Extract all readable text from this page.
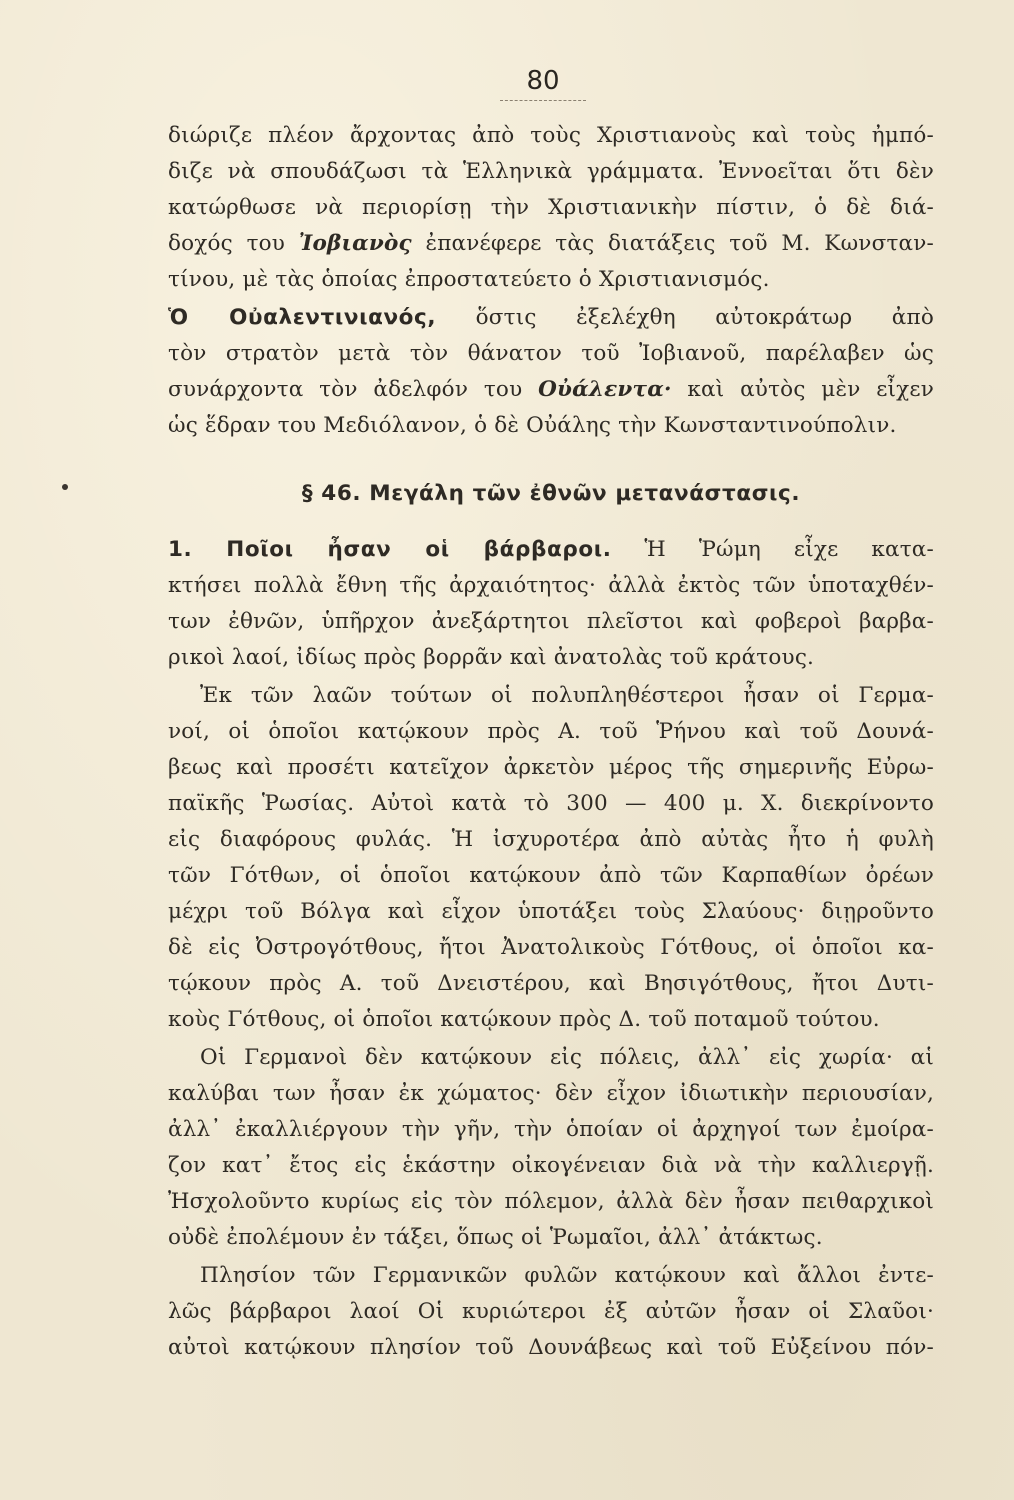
80
διώριζε πλέον ἄρχοντας ἀπὸ τοὺς Χριστιανοὺς καὶ τοὺς ἠμπό-
διζε νὰ σπουδάζωσι τὰ Ἑλληνικὰ γράμματα. Ἐννοεῖται ὅτι δὲν
κατώρθωσε νὰ περιορίσῃ τὴν Χριστιανικὴν πίστιν, ὁ δὲ διά-
δοχός του Ἰοβιανὸς ἐπανέφερε τὰς διατάξεις τοῦ Μ. Κωνσταν-
τίνου, μὲ τὰς ὁποίας ἐπροστατεύετο ὁ Χριστιανισμός.
Ὁ Οὐαλεντινιανός, ὅστις ἐξελέχθη αὐτοκράτωρ ἀπὸ
τὸν στρατὸν μετὰ τὸν θάνατον τοῦ Ἰοβιανοῦ, παρέλαβεν ὡς
συνάρχοντα τὸν ἀδελφόν του Οὐάλεντα· καὶ αὐτὸς μὲν εἶχεν
ὡς ἕδραν του Μεδιόλανον, ὁ δὲ Οὐάλης τὴν Κωνσταντινούπολιν.
§ 46. Μεγάλη τῶν ἐθνῶν μετανάστασις.
1. Ποῖοι ἦσαν οἱ βάρβαροι. Ἡ Ῥώμη εἶχε κατα-
κτήσει πολλὰ ἔθνη τῆς ἀρχαιότητος· ἀλλὰ ἐκτὸς τῶν ὑποταχθέν-
των ἐθνῶν, ὑπῆρχον ἀνεξάρτητοι πλεῖστοι καὶ φοβεροὶ βαρβα-
ρικοὶ λαοί, ἰδίως πρὸς βορρᾶν καὶ ἀνατολὰς τοῦ κράτους.
Ἐκ τῶν λαῶν τούτων οἱ πολυπληθέστεροι ἦσαν οἱ Γερμα-
νοί, οἱ ὁποῖοι κατῴκουν πρὸς Α. τοῦ Ῥήνου καὶ τοῦ Δουνά-
βεως καὶ προσέτι κατεῖχον ἀρκετὸν μέρος τῆς σημερινῆς Εὐρω-
παϊκῆς Ῥωσίας. Αὐτοὶ κατὰ τὸ 300 — 400 μ. Χ. διεκρίνοντο
εἰς διαφόρους φυλάς. Ἡ ἰσχυροτέρα ἀπὸ αὐτὰς ἦτο ἡ φυλὴ
τῶν Γότθων, οἱ ὁποῖοι κατῴκουν ἀπὸ τῶν Καρπαθίων ὀρέων
μέχρι τοῦ Βόλγα καὶ εἶχον ὑποτάξει τοὺς Σλαύους· διῃροῦντο
δὲ εἰς Ὀστρογότθους, ἤτοι Ἀνατολικοὺς Γότθους, οἱ ὁποῖοι κα-
τῴκουν πρὸς Α. τοῦ Δνειστέρου, καὶ Βησιγότθους, ἤτοι Δυτι-
κοὺς Γότθους, οἱ ὁποῖοι κατῴκουν πρὸς Δ. τοῦ ποταμοῦ τούτου.
Οἱ Γερμανοὶ δὲν κατῴκουν εἰς πόλεις, ἀλλ᾽ εἰς χωρία· αἱ
καλύβαι των ἦσαν ἐκ χώματος· δὲν εἶχον ἰδιωτικὴν περιουσίαν,
ἀλλ᾽ ἐκαλλιέργουν τὴν γῆν, τὴν ὁποίαν οἱ ἀρχηγοί των ἐμοίρα-
ζον κατ᾽ ἔτος εἰς ἑκάστην οἰκογένειαν διὰ νὰ τὴν καλλιεργῇ.
Ἠσχολοῦντο κυρίως εἰς τὸν πόλεμον, ἀλλὰ δὲν ἦσαν πειθαρχικοὶ
οὐδὲ ἐπολέμουν ἐν τάξει, ὅπως οἱ Ῥωμαῖοι, ἀλλ᾽ ἀτάκτως.
Πλησίον τῶν Γερμανικῶν φυλῶν κατῴκουν καὶ ἄλλοι ἐντε-
λῶς βάρβαροι λαοί Οἱ κυριώτεροι ἐξ αὐτῶν ἦσαν οἱ Σλαῦοι·
αὐτοὶ κατῴκουν πλησίον τοῦ Δουνάβεως καὶ τοῦ Εὐξείνου πόν-
